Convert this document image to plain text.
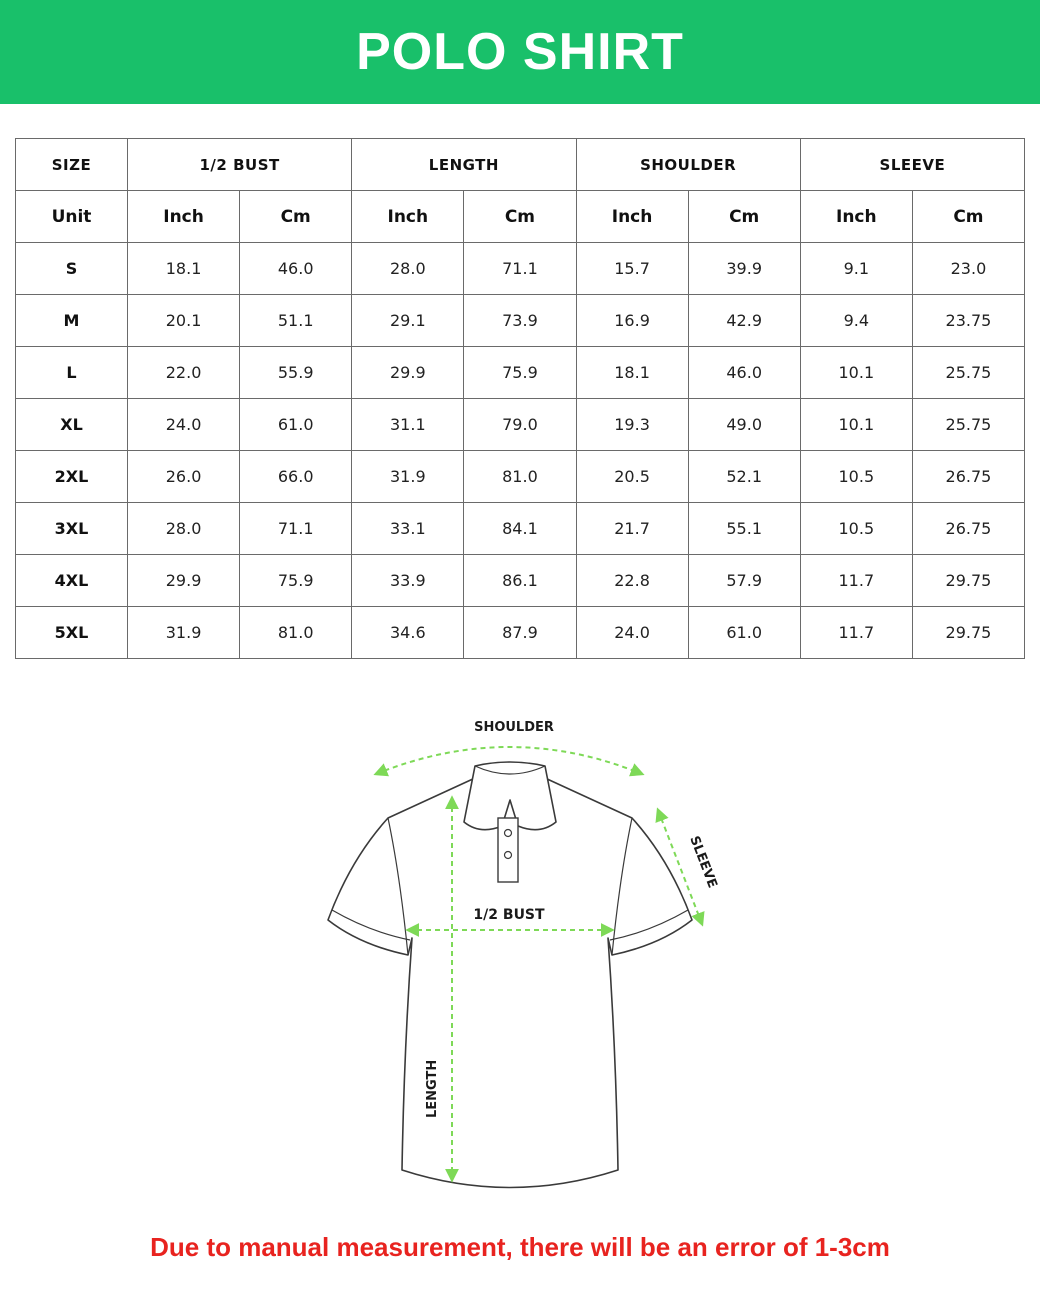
POLO SHIRT
SIZE	1/2 BUST		LENGTH		SHOULDER		SLEEVE	
Unit	Inch	Cm	Inch	Cm	Inch	Cm	Inch	Cm
S	18.1	46.0	28.0	71.1	15.7	39.9	9.1	23.0
M	20.1	51.1	29.1	73.9	16.9	42.9	9.4	23.75
L	22.0	55.9	29.9	75.9	18.1	46.0	10.1	25.75
XL	24.0	61.0	31.1	79.0	19.3	49.0	10.1	25.75
2XL	26.0	66.0	31.9	81.0	20.5	52.1	10.5	26.75
3XL	28.0	71.1	33.1	84.1	21.7	55.1	10.5	26.75
4XL	29.9	75.9	33.9	86.1	22.8	57.9	11.7	29.75
5XL	31.9	81.0	34.6	87.9	24.0	61.0	11.7	29.75
SHOULDER
SLEEVE
1/2 BUST
LENGTH
Due to manual measurement, there will be an error of 1-3cm
